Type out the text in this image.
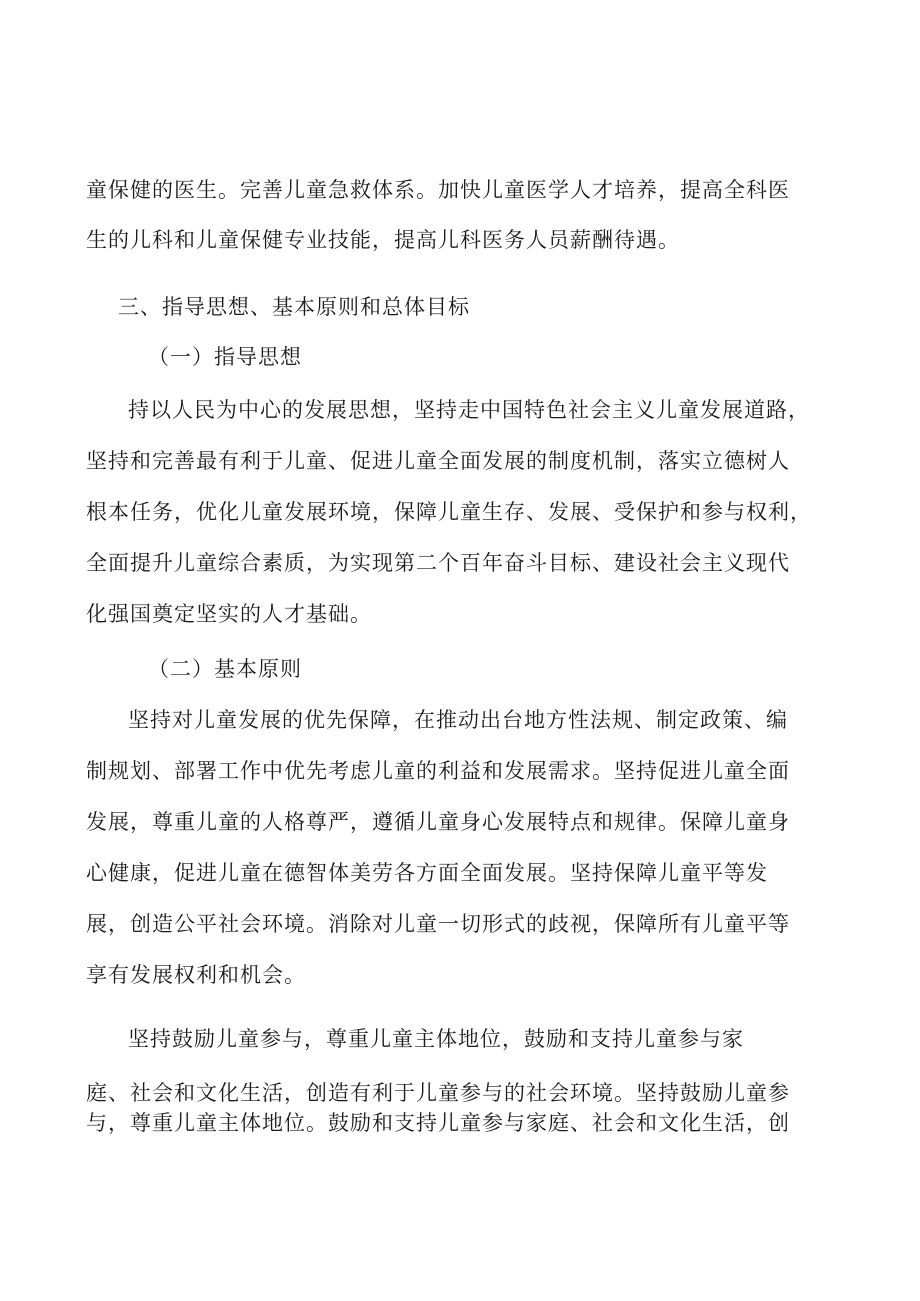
童保健的医生。完善儿童急救体系。加快儿童医学人才培养，提高全科医
生的儿科和儿童保健专业技能，提高儿科医务人员薪酬待遇。
三、指导思想、基本原则和总体目标
（一）指导思想
持以人民为中心的发展思想，坚持走中国特色社会主义儿童发展道路，
坚持和完善最有利于儿童、促进儿童全面发展的制度机制，落实立德树人
根本任务，优化儿童发展环境，保障儿童生存、发展、受保护和参与权利，
全面提升儿童综合素质，为实现第二个百年奋斗目标、建设社会主义现代
化强国奠定坚实的人才基础。
（二）基本原则
坚持对儿童发展的优先保障，在推动出台地方性法规、制定政策、编
制规划、部署工作中优先考虑儿童的利益和发展需求。坚持促进儿童全面
发展，尊重儿童的人格尊严，遵循儿童身心发展特点和规律。保障儿童身
心健康，促进儿童在德智体美劳各方面全面发展。坚持保障儿童平等发
展，创造公平社会环境。消除对儿童一切形式的歧视，保障所有儿童平等
享有发展权利和机会。
坚持鼓励儿童参与，尊重儿童主体地位，鼓励和支持儿童参与家
庭、社会和文化生活，创造有利于儿童参与的社会环境。坚持鼓励儿童参
与，尊重儿童主体地位。鼓励和支持儿童参与家庭、社会和文化生活，创
